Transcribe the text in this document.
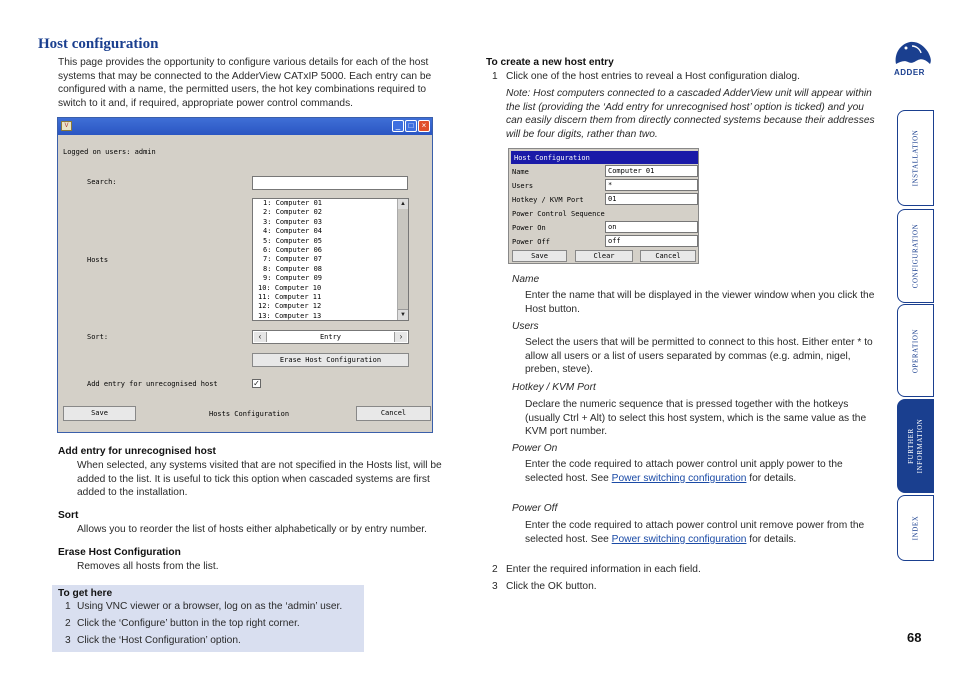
Host configuration
This page provides the opportunity to configure various details for each of the host systems that may be connected to the AdderView CATxIP 5000. Each entry can be configured with a name, the permitted users, the hot key combinations required to switch to it and, if required, appropriate power control commands.
V	_	□	×
Logged on users: admin
Search:
Hosts
1: Computer 01
2: Computer 02
3: Computer 03
4: Computer 04
5: Computer 05
6: Computer 06
7: Computer 07
8: Computer 08
9: Computer 09
10: Computer 10
11: Computer 11
12: Computer 12
13: Computer 13
▲
▼
Sort:	‹	Entry	›
Erase Host Configuration
Add entry for unrecognised host	✓
Save	Hosts Configuration	Cancel
Add entry for unrecognised host
When selected, any systems visited that are not specified in the Hosts list, will be added to the list. It is useful to tick this option when cascaded systems are first added to the installation.
Sort
Allows you to reorder the list of hosts either alphabetically or by entry number.
Erase Host Configuration
Removes all hosts from the list.
To get here
1 Using VNC viewer or a browser, log on as the ‘admin’ user.
2 Click the ‘Configure’ button in the top right corner.
3 Click the ‘Host Configuration’ option.
To create a new host entry
1 Click one of the host entries to reveal a Host configuration dialog.
Note: Host computers connected to a cascaded AdderView unit will appear within the list (providing the ‘Add entry for unrecognised host’ option is ticked) and you can easily discern them from directly connected systems because their addresses will be four digits, rather than two.
Host Configuration
Name	Computer 01
Users	*
Hotkey / KVM Port	01
Power Control Sequence
Power On	on
Power Off	off
Save	Clear	Cancel
Name
Enter the name that will be displayed in the viewer window when you click the Host button.
Users
Select the users that will be permitted to connect to this host. Either enter * to allow all users or a list of users separated by commas (e.g. admin, nigel, preben, steve).
Hotkey / KVM Port
Declare the numeric sequence that is pressed together with the hotkeys (usually Ctrl + Alt) to select this host system, which is the same value as the KVM port number.
Power On
Enter the code required to attach power control unit apply power to the selected host. See Power switching configuration for details.
Power Off
Enter the code required to attach power control unit remove power from the selected host. See Power switching configuration for details.
2 Enter the required information in each field.
3 Click the OK button.
ADDER
INSTALLATION
CONFIGURATION
OPERATION
FURTHER
INFORMATION
INDEX
68
